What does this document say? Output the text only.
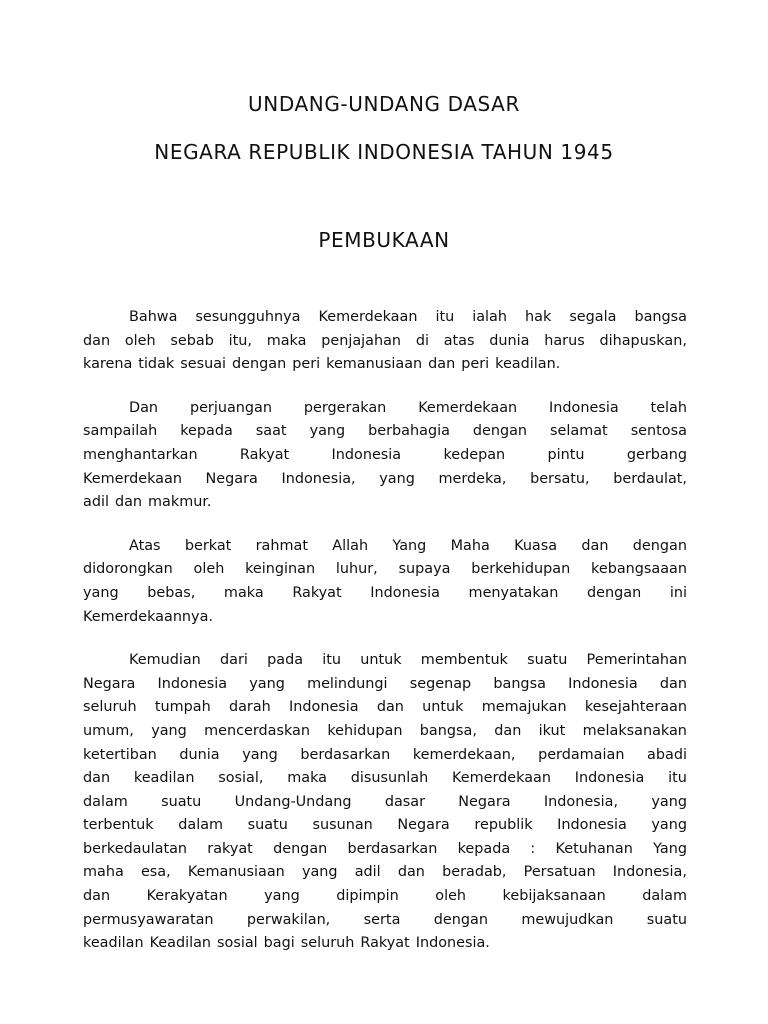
UNDANG-UNDANG DASAR
NEGARA REPUBLIK INDONESIA TAHUN 1945
PEMBUKAAN
Bahwa sesungguhnya Kemerdekaan itu ialah hak segala bangsa
dan oleh sebab itu, maka penjajahan di atas dunia harus dihapuskan,
karena tidak sesuai dengan peri kemanusiaan dan peri keadilan.
Dan perjuangan pergerakan Kemerdekaan Indonesia telah
sampailah kepada saat yang berbahagia dengan selamat sentosa
menghantarkan	Rakyat	Indonesia	kedepan	pintu	gerbang
Kemerdekaan Negara Indonesia, yang merdeka, bersatu, berdaulat,
adil dan makmur.
Atas berkat rahmat Allah Yang Maha Kuasa dan dengan
didorongkan oleh keinginan luhur, supaya berkehidupan kebangsaaan
yang bebas, maka Rakyat Indonesia menyatakan dengan ini
Kemerdekaannya.
Kemudian dari pada itu untuk membentuk suatu Pemerintahan
Negara Indonesia yang melindungi segenap bangsa Indonesia dan
seluruh tumpah darah Indonesia dan untuk memajukan kesejahteraan
umum, yang mencerdaskan kehidupan bangsa, dan ikut melaksanakan
ketertiban dunia yang berdasarkan kemerdekaan, perdamaian abadi
dan keadilan sosial, maka disusunlah Kemerdekaan Indonesia itu
dalam suatu Undang-Undang dasar Negara Indonesia, yang
terbentuk dalam suatu susunan Negara republik Indonesia yang
berkedaulatan rakyat dengan berdasarkan kepada : Ketuhanan Yang
maha esa, Kemanusiaan yang adil dan beradab, Persatuan Indonesia,
dan	Kerakyatan	yang	dipimpin	oleh	kebijaksanaan	dalam
permusyawaratan perwakilan, serta dengan mewujudkan suatu
keadilan Keadilan sosial bagi seluruh Rakyat Indonesia.
